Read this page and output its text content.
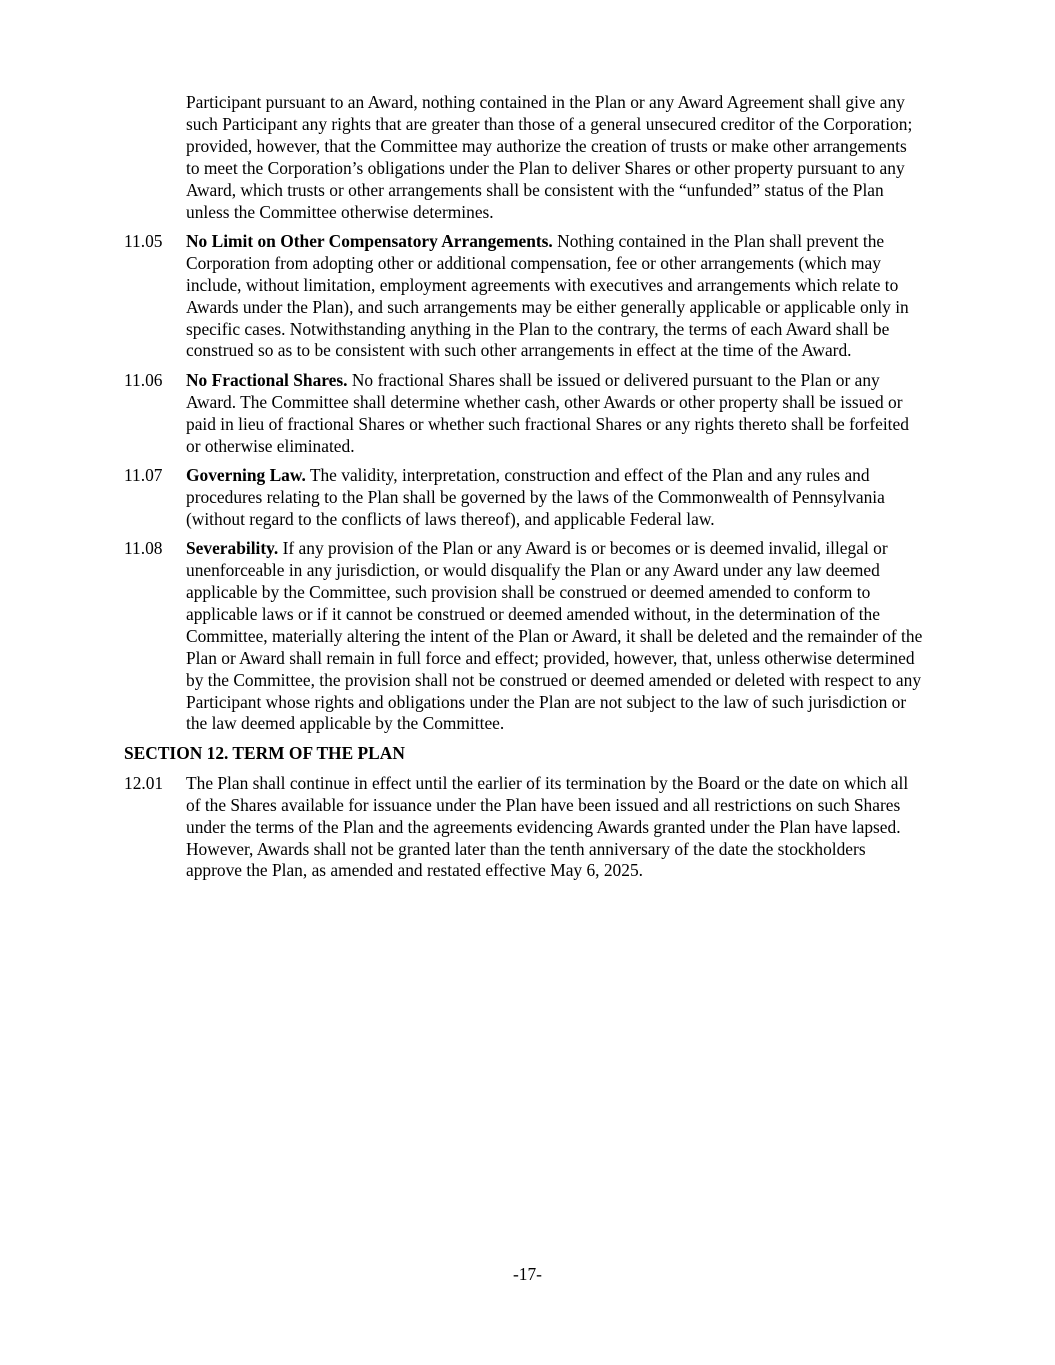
Participant pursuant to an Award, nothing contained in the Plan or any Award Agreement shall give any such Participant any rights that are greater than those of a general unsecured creditor of the Corporation; provided, however, that the Committee may authorize the creation of trusts or make other arrangements to meet the Corporation’s obligations under the Plan to deliver Shares or other property pursuant to any Award, which trusts or other arrangements shall be consistent with the “unfunded” status of the Plan unless the Committee otherwise determines.
11.05	No Limit on Other Compensatory Arrangements. Nothing contained in the Plan shall prevent the Corporation from adopting other or additional compensation, fee or other arrangements (which may include, without limitation, employment agreements with executives and arrangements which relate to Awards under the Plan), and such arrangements may be either generally applicable or applicable only in specific cases. Notwithstanding anything in the Plan to the contrary, the terms of each Award shall be construed so as to be consistent with such other arrangements in effect at the time of the Award.
11.06	No Fractional Shares. No fractional Shares shall be issued or delivered pursuant to the Plan or any Award. The Committee shall determine whether cash, other Awards or other property shall be issued or paid in lieu of fractional Shares or whether such fractional Shares or any rights thereto shall be forfeited or otherwise eliminated.
11.07	Governing Law. The validity, interpretation, construction and effect of the Plan and any rules and procedures relating to the Plan shall be governed by the laws of the Commonwealth of Pennsylvania (without regard to the conflicts of laws thereof), and applicable Federal law.
11.08	Severability. If any provision of the Plan or any Award is or becomes or is deemed invalid, illegal or unenforceable in any jurisdiction, or would disqualify the Plan or any Award under any law deemed applicable by the Committee, such provision shall be construed or deemed amended to conform to applicable laws or if it cannot be construed or deemed amended without, in the determination of the Committee, materially altering the intent of the Plan or Award, it shall be deleted and the remainder of the Plan or Award shall remain in full force and effect; provided, however, that, unless otherwise determined by the Committee, the provision shall not be construed or deemed amended or deleted with respect to any Participant whose rights and obligations under the Plan are not subject to the law of such jurisdiction or the law deemed applicable by the Committee.
SECTION 12. TERM OF THE PLAN
12.01	The Plan shall continue in effect until the earlier of its termination by the Board or the date on which all of the Shares available for issuance under the Plan have been issued and all restrictions on such Shares under the terms of the Plan and the agreements evidencing Awards granted under the Plan have lapsed. However, Awards shall not be granted later than the tenth anniversary of the date the stockholders approve the Plan, as amended and restated effective May 6, 2025.
-17-
